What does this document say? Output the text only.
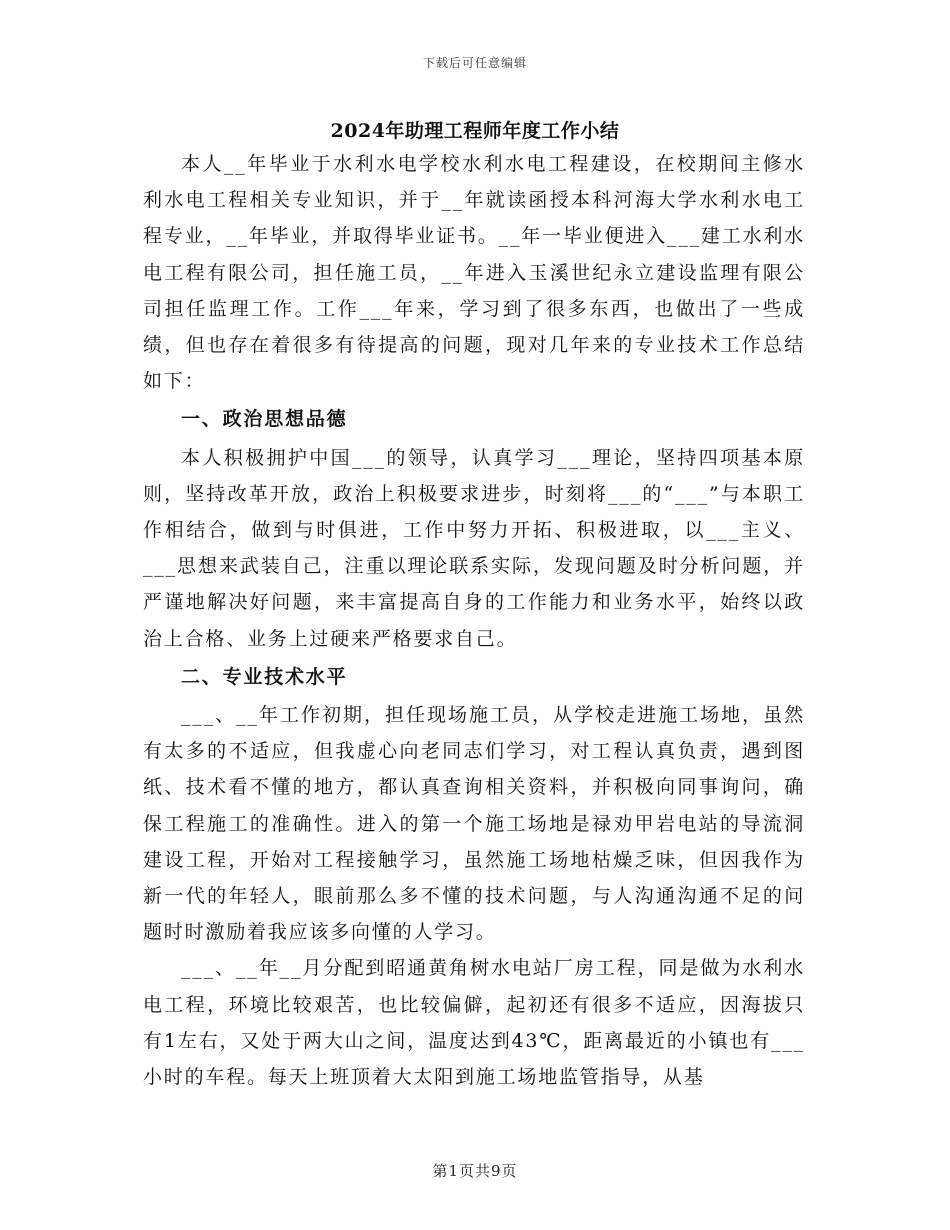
下载后可任意编辑
2024年助理工程师年度工作小结

本人__年毕业于水利水电学校水利水电工程建设，在校期间主修水利水电工程相关专业知识，并于__年就读函授本科河海大学水利水电工程专业，__年毕业，并取得毕业证书。__年一毕业便进入___建工水利水电工程有限公司，担任施工员，__年进入玉溪世纪永立建设监理有限公司担任监理工作。工作___年来，学习到了很多东西，也做出了一些成绩，但也存在着很多有待提高的问题，现对几年来的专业技术工作总结如下：

一、政治思想品德

本人积极拥护中国___的领导，认真学习___理论，坚持四项基本原则，坚持改革开放，政治上积极要求进步，时刻将___的“___”与本职工作相结合，做到与时俱进，工作中努力开拓、积极进取，以___主义、___思想来武装自己，注重以理论联系实际，发现问题及时分析问题，并严谨地解决好问题，来丰富提高自身的工作能力和业务水平，始终以政治上合格、业务上过硬来严格要求自己。

二、专业技术水平

___、__年工作初期，担任现场施工员，从学校走进施工场地，虽然有太多的不适应，但我虚心向老同志们学习，对工程认真负责，遇到图纸、技术看不懂的地方，都认真查询相关资料，并积极向同事询问，确保工程施工的准确性。进入的第一个施工场地是禄劝甲岩电站的导流洞建设工程，开始对工程接触学习，虽然施工场地枯燥乏味，但因我作为新一代的年轻人，眼前那么多不懂的技术问题，与人沟通沟通不足的问题时时激励着我应该多向懂的人学习。

___、__年__月分配到昭通黄角树水电站厂房工程，同是做为水利水电工程，环境比较艰苦，也比较偏僻，起初还有很多不适应，因海拔只有1左右，又处于两大山之间，温度达到43℃，距离最近的小镇也有___小时的车程。每天上班顶着大太阳到施工场地监管指导，从基

第1页共9页
